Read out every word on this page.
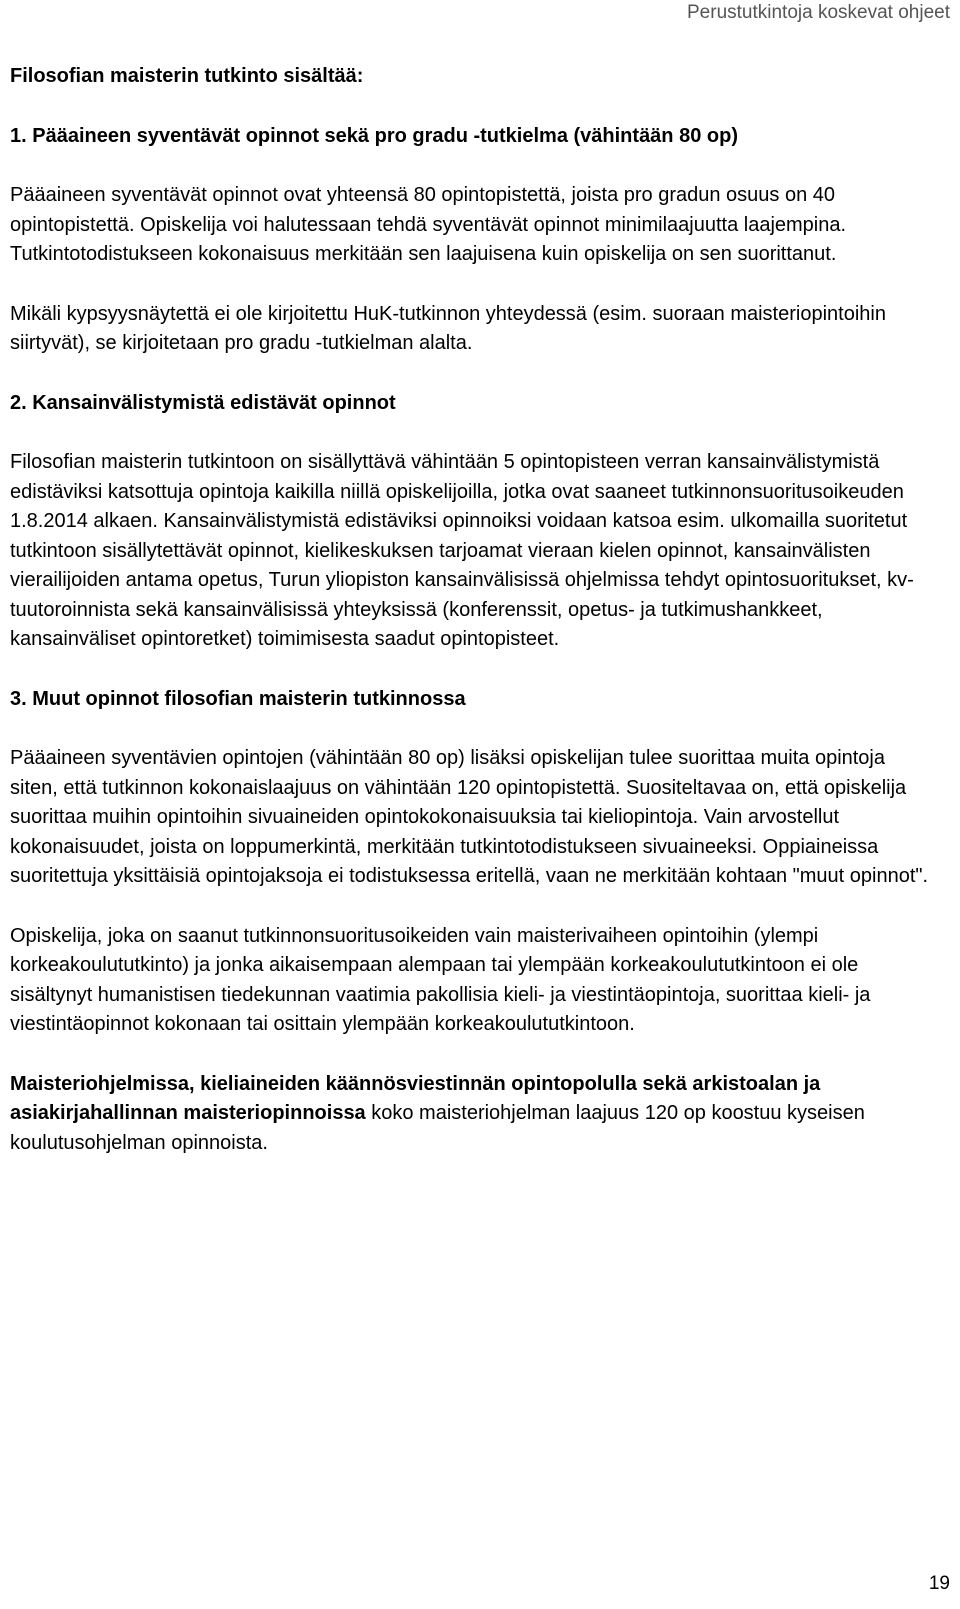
Perustutkintoja koskevat ohjeet

Filosofian maisterin tutkinto sisältää:

1. Pääaineen syventävät opinnot sekä pro gradu -tutkielma (vähintään 80 op)

Pääaineen syventävät opinnot ovat yhteensä 80 opintopistettä, joista pro gradun osuus on 40 opintopistettä. Opiskelija voi halutessaan tehdä syventävät opinnot minimilaajuutta laajempina. Tutkintotodistukseen kokonaisuus merkitään sen laajuisena kuin opiskelija on sen suorittanut.

Mikäli kypsyysnäytettä ei ole kirjoitettu HuK-tutkinnon yhteydessä (esim. suoraan maisteriopintoihin siirtyvät), se kirjoitetaan pro gradu -tutkielman alalta.

2. Kansainvälistymistä edistävät opinnot

Filosofian maisterin tutkintoon on sisällyttävä vähintään 5 opintopisteen verran kansainvälistymistä edistäviksi katsottuja opintoja kaikilla niillä opiskelijoilla, jotka ovat saaneet tutkinnonsuoritusoikeuden 1.8.2014 alkaen. Kansainvälistymistä edistäviksi opinnoiksi voidaan katsoa esim. ulkomailla suoritetut tutkintoon sisällytettävät opinnot, kielikeskuksen tarjoamat vieraan kielen opinnot, kansainvälisten vierailijoiden antama opetus, Turun yliopiston kansainvälisissä ohjelmissa tehdyt opintosuoritukset, kv-tuutoroinnista sekä kansainvälisissä yhteyksissä (konferenssit, opetus- ja tutkimushankkeet, kansainväliset opintoretket) toimimisesta saadut opintopisteet.

3. Muut opinnot filosofian maisterin tutkinnossa

Pääaineen syventävien opintojen (vähintään 80 op) lisäksi opiskelijan tulee suorittaa muita opintoja siten, että tutkinnon kokonaislaajuus on vähintään 120 opintopistettä. Suositeltavaa on, että opiskelija suorittaa muihin opintoihin sivuaineiden opintokokonaisuuksia tai kieliopintoja. Vain arvostellut kokonaisuudet, joista on loppumerkintä, merkitään tutkintotodistukseen sivuaineeksi. Oppiaineissa suoritettuja yksittäisiä opintojaksoja ei todistuksessa eritellä, vaan ne merkitään kohtaan "muut opinnot".

Opiskelija, joka on saanut tutkinnonsuoritusoikeiden vain maisterivaiheen opintoihin (ylempi korkeakoulututkinto) ja jonka aikaisempaan alempaan tai ylempään korkeakoulututkintoon ei ole sisältynyt humanistisen tiedekunnan vaatimia pakollisia kieli- ja viestintäopintoja, suorittaa kieli- ja viestintäopinnot kokonaan tai osittain ylempään korkeakoulututkintoon.

Maisteriohjelmissa, kieliaineiden käännösviestinnän opintopolulla sekä arkistoalan ja asiakirjahallinnan maisteriopinnoissa koko maisteriohjelman laajuus 120 op koostuu kyseisen koulutusohjelman opinnoista.

19
